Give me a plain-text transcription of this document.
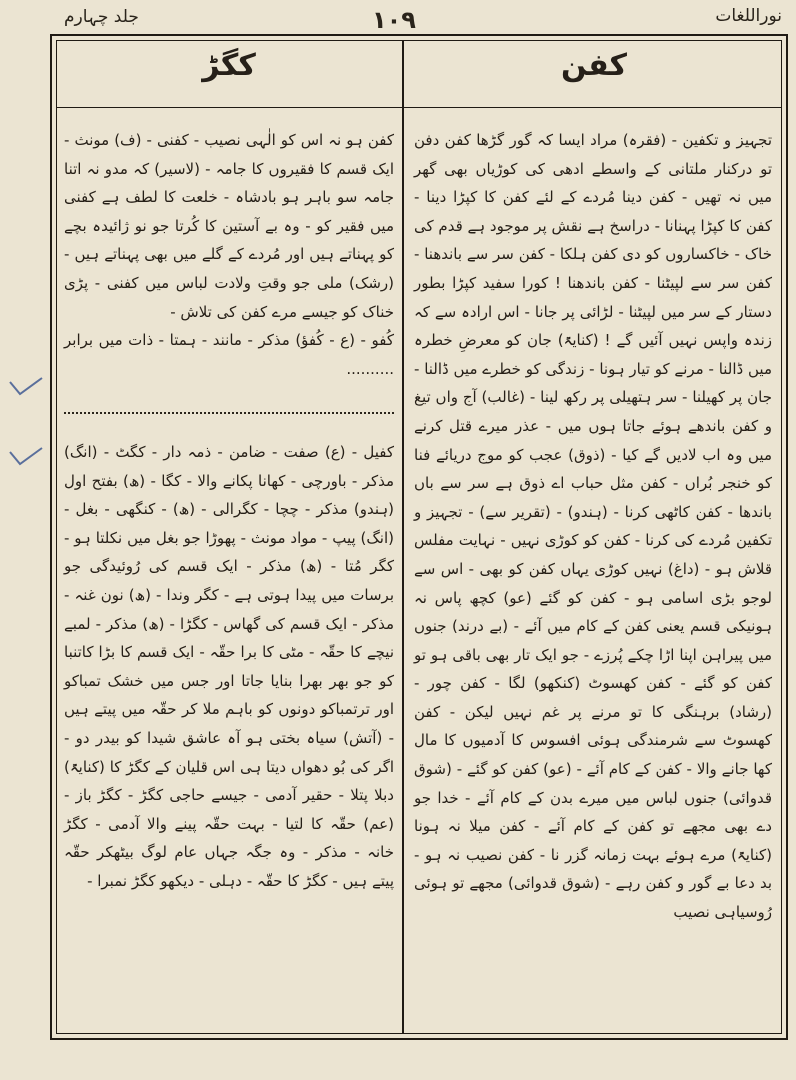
نوراللغات
۱۰۹
جلد چہارم
کفن
کگڑ

تجہیز و تکفین - (فقرہ) مراد ایسا کہ گور گڑھا کفن دفن تو درکنار ملتانی کے واسطے ادھی کی کوڑیاں بھی گھر میں نہ تھیں - کفن دینا مُردے کے لئے کفن کا کپڑا دینا - کفن کا کپڑا پہنانا - دراسخ ہے نقش پر موجود ہے قدم کی خاک - خاکساروں کو دی کفن ہلکا - کفن سر سے باندھنا - کفن سر سے لپیٹنا - کفن باندھنا ! کورا سفید کپڑا بطور دستار کے سر میں لپیٹنا - لڑائی پر جانا - اس ارادہ سے کہ زندہ واپس نہیں آئیں گے ! (کنایۃً) جان کو معرضِ خطرہ میں ڈالنا - مرنے کو تیار ہونا - زندگی کو خطرے میں ڈالنا - جان پر کھیلنا - سر ہتھیلی پر رکھ لینا - (غالب) آج واں تیغ و کفن باندھے ہوئے جاتا ہوں میں - عذر میرے قتل کرنے میں وہ اب لادیں گے کیا - (ذوق) عجب کو موج دریائے فنا کو خنجر بُراں - کفن مثل حباب اے ذوق ہے سر سے باں باندھا - کفن کاٹھی کرنا - (ہندو) - (تقریر سے) - تجہیز و تکفین مُردے کی کرنا - کفن کو کوڑی نہیں - نہایت مفلس قلاش ہو - (داغ) نہیں کوڑی یہاں کفن کو بھی - اس سے لوجو بڑی اسامی ہو - کفن کو گئے (عو) کچھ پاس نہ ہونیکی قسم یعنی کفن کے کام میں آئے - (بے درند) جنوں میں پیراہن اپنا اڑا چکے پُرزے - جو ایک تار بھی باقی ہو تو کفن کو گئے - کفن کھسوٹ (کنکھو) لگا - کفن چور - (رشاد) برہنگی کا تو مرنے پر غم نہیں لیکن - کفن کھسوٹ سے شرمندگی ہوئی افسوس کا آدمیوں کا مال کھا جانے والا - کفن کے کام آئے - (عو) کفن کو گئے - (شوق قدوائی) جنوں لباس میں میرے بدن کے کام آئے - خدا جو دے بھی مجھے تو کفن کے کام آئے - کفن میلا نہ ہونا (کنایۃً) مرے ہوئے بہت زمانہ گزر نا - کفن نصیب نہ ہو - بد دعا بے گور و کفن رہے - (شوق قدوائی) مجھے تو ہوئی رُوسیاہی نصیب

کفن ہو نہ اس کو الٰہی نصیب - کفنی - (ف) مونث - ایک قسم کا فقیروں کا جامہ - (لاسیر) کہ مدو نہ اتنا جامہ سو باہر ہو بادشاہ - خلعت کا لطف ہے کفنی میں فقیر کو - وہ بے آستین کا کُرتا جو نو ژائیدہ بچے کو پہناتے ہیں اور مُردے کے گلے میں بھی پہناتے ہیں - (رشک) ملی جو وقتِ ولادت لباس میں کفنی - پڑی خناک کو جیسے مرے کفن کی تلاش -

کُفو - (ع - کُفؤ) مذکر - مانند - ہمتا - ذات میں برابر ..........

کفیل - (ع) صفت - ضامن - ذمہ دار - کگٹ - (انگ) مذکر - باورچی - کھانا پکانے والا - کگا - (ھ) بفتح اول (ہندو) مذکر - چچا - کگرالی - (ھ) - کنگھی - بغل - (انگ) پیپ - مواد مونث - پھوڑا جو بغل میں نکلتا ہو - کگر مُتا - (ھ) مذکر - ایک قسم کی رُوئیدگی جو برسات میں پیدا ہوتی ہے - کگر وندا - (ھ) نون غنہ - مذکر - ایک قسم کی گھاس - کگڑا - (ھ) مذکر - لمبے نیچے کا حقّہ - مٹی کا برا حقّہ - ایک قسم کا بڑا کاتنبا کو جو بھر بھرا بنایا جاتا اور جس میں خشک تمباکو اور ترتمباکو دونوں کو باہم ملا کر حقّہ میں پیتے ہیں - (آتش) سیاہ بختی ہو آہ عاشق شیدا کو بیدر دو - اگر کی بُو دھواں دیتا ہی اس قلیان کے کگڑ کا (کنایۃً) دبلا پتلا - حقیر آدمی - جیسے حاجی کگڑ - کگڑ باز - (عم) حقّہ کا لتیا - بہت حقّہ پینے والا آدمی - کگڑ خانہ - مذکر - وہ جگہ جہاں عام لوگ بیٹھکر حقّہ پیتے ہیں - کگڑ کا حقّہ - دہلی - دیکھو کگڑ نمبرا -
